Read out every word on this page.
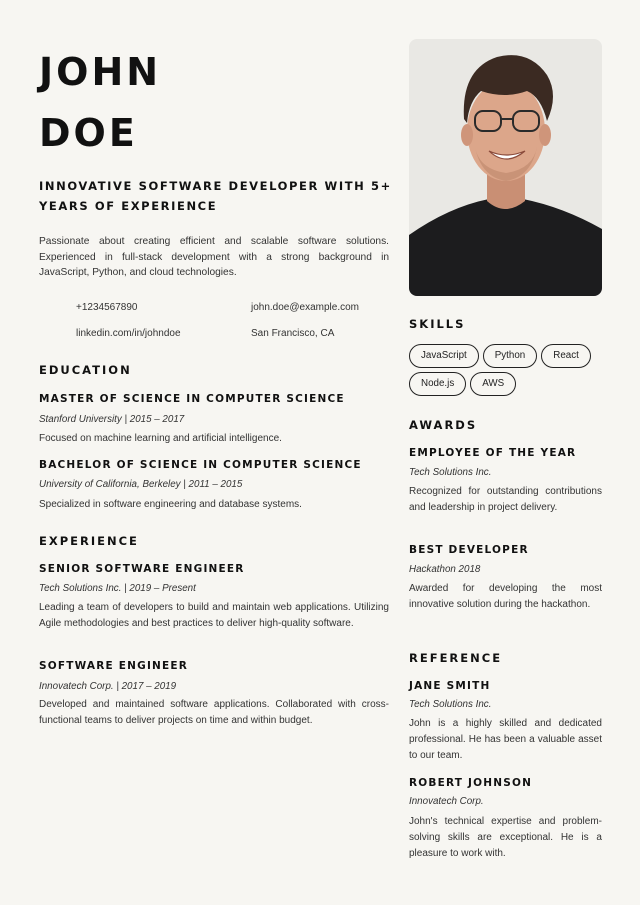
JOHN
DOE

INNOVATIVE SOFTWARE DEVELOPER WITH 5+ YEARS OF EXPERIENCE

Passionate about creating efficient and scalable software solutions. Experienced in full-stack development with a strong background in JavaScript, Python, and cloud technologies.

+1234567890	john.doe@example.com
linkedin.com/in/johndoe	San Francisco, CA
EDUCATION
MASTER OF SCIENCE IN COMPUTER SCIENCE

Stanford University | 2015 – 2017

Focused on machine learning and artificial intelligence.

BACHELOR OF SCIENCE IN COMPUTER SCIENCE

University of California, Berkeley | 2011 – 2015

Specialized in software engineering and database systems.

EXPERIENCE
SENIOR SOFTWARE ENGINEER

Tech Solutions Inc. | 2019 – Present

Leading a team of developers to build and maintain web applications. Utilizing Agile methodologies and best practices to deliver high-quality software.

SOFTWARE ENGINEER

Innovatech Corp. | 2017 – 2019

Developed and maintained software applications. Collaborated with cross-functional teams to deliver projects on time and within budget.

SKILLS
JavaScript	Python	React
Node.js	AWS
AWARDS
EMPLOYEE OF THE YEAR

Tech Solutions Inc.

Recognized for outstanding contributions and leadership in project delivery.

BEST DEVELOPER

Hackathon 2018

Awarded for developing the most innovative solution during the hackathon.

REFERENCE
JANE SMITH

Tech Solutions Inc.

John is a highly skilled and dedicated professional. He has been a valuable asset to our team.

ROBERT JOHNSON

Innovatech Corp.

John's technical expertise and problem-solving skills are exceptional. He is a pleasure to work with.
